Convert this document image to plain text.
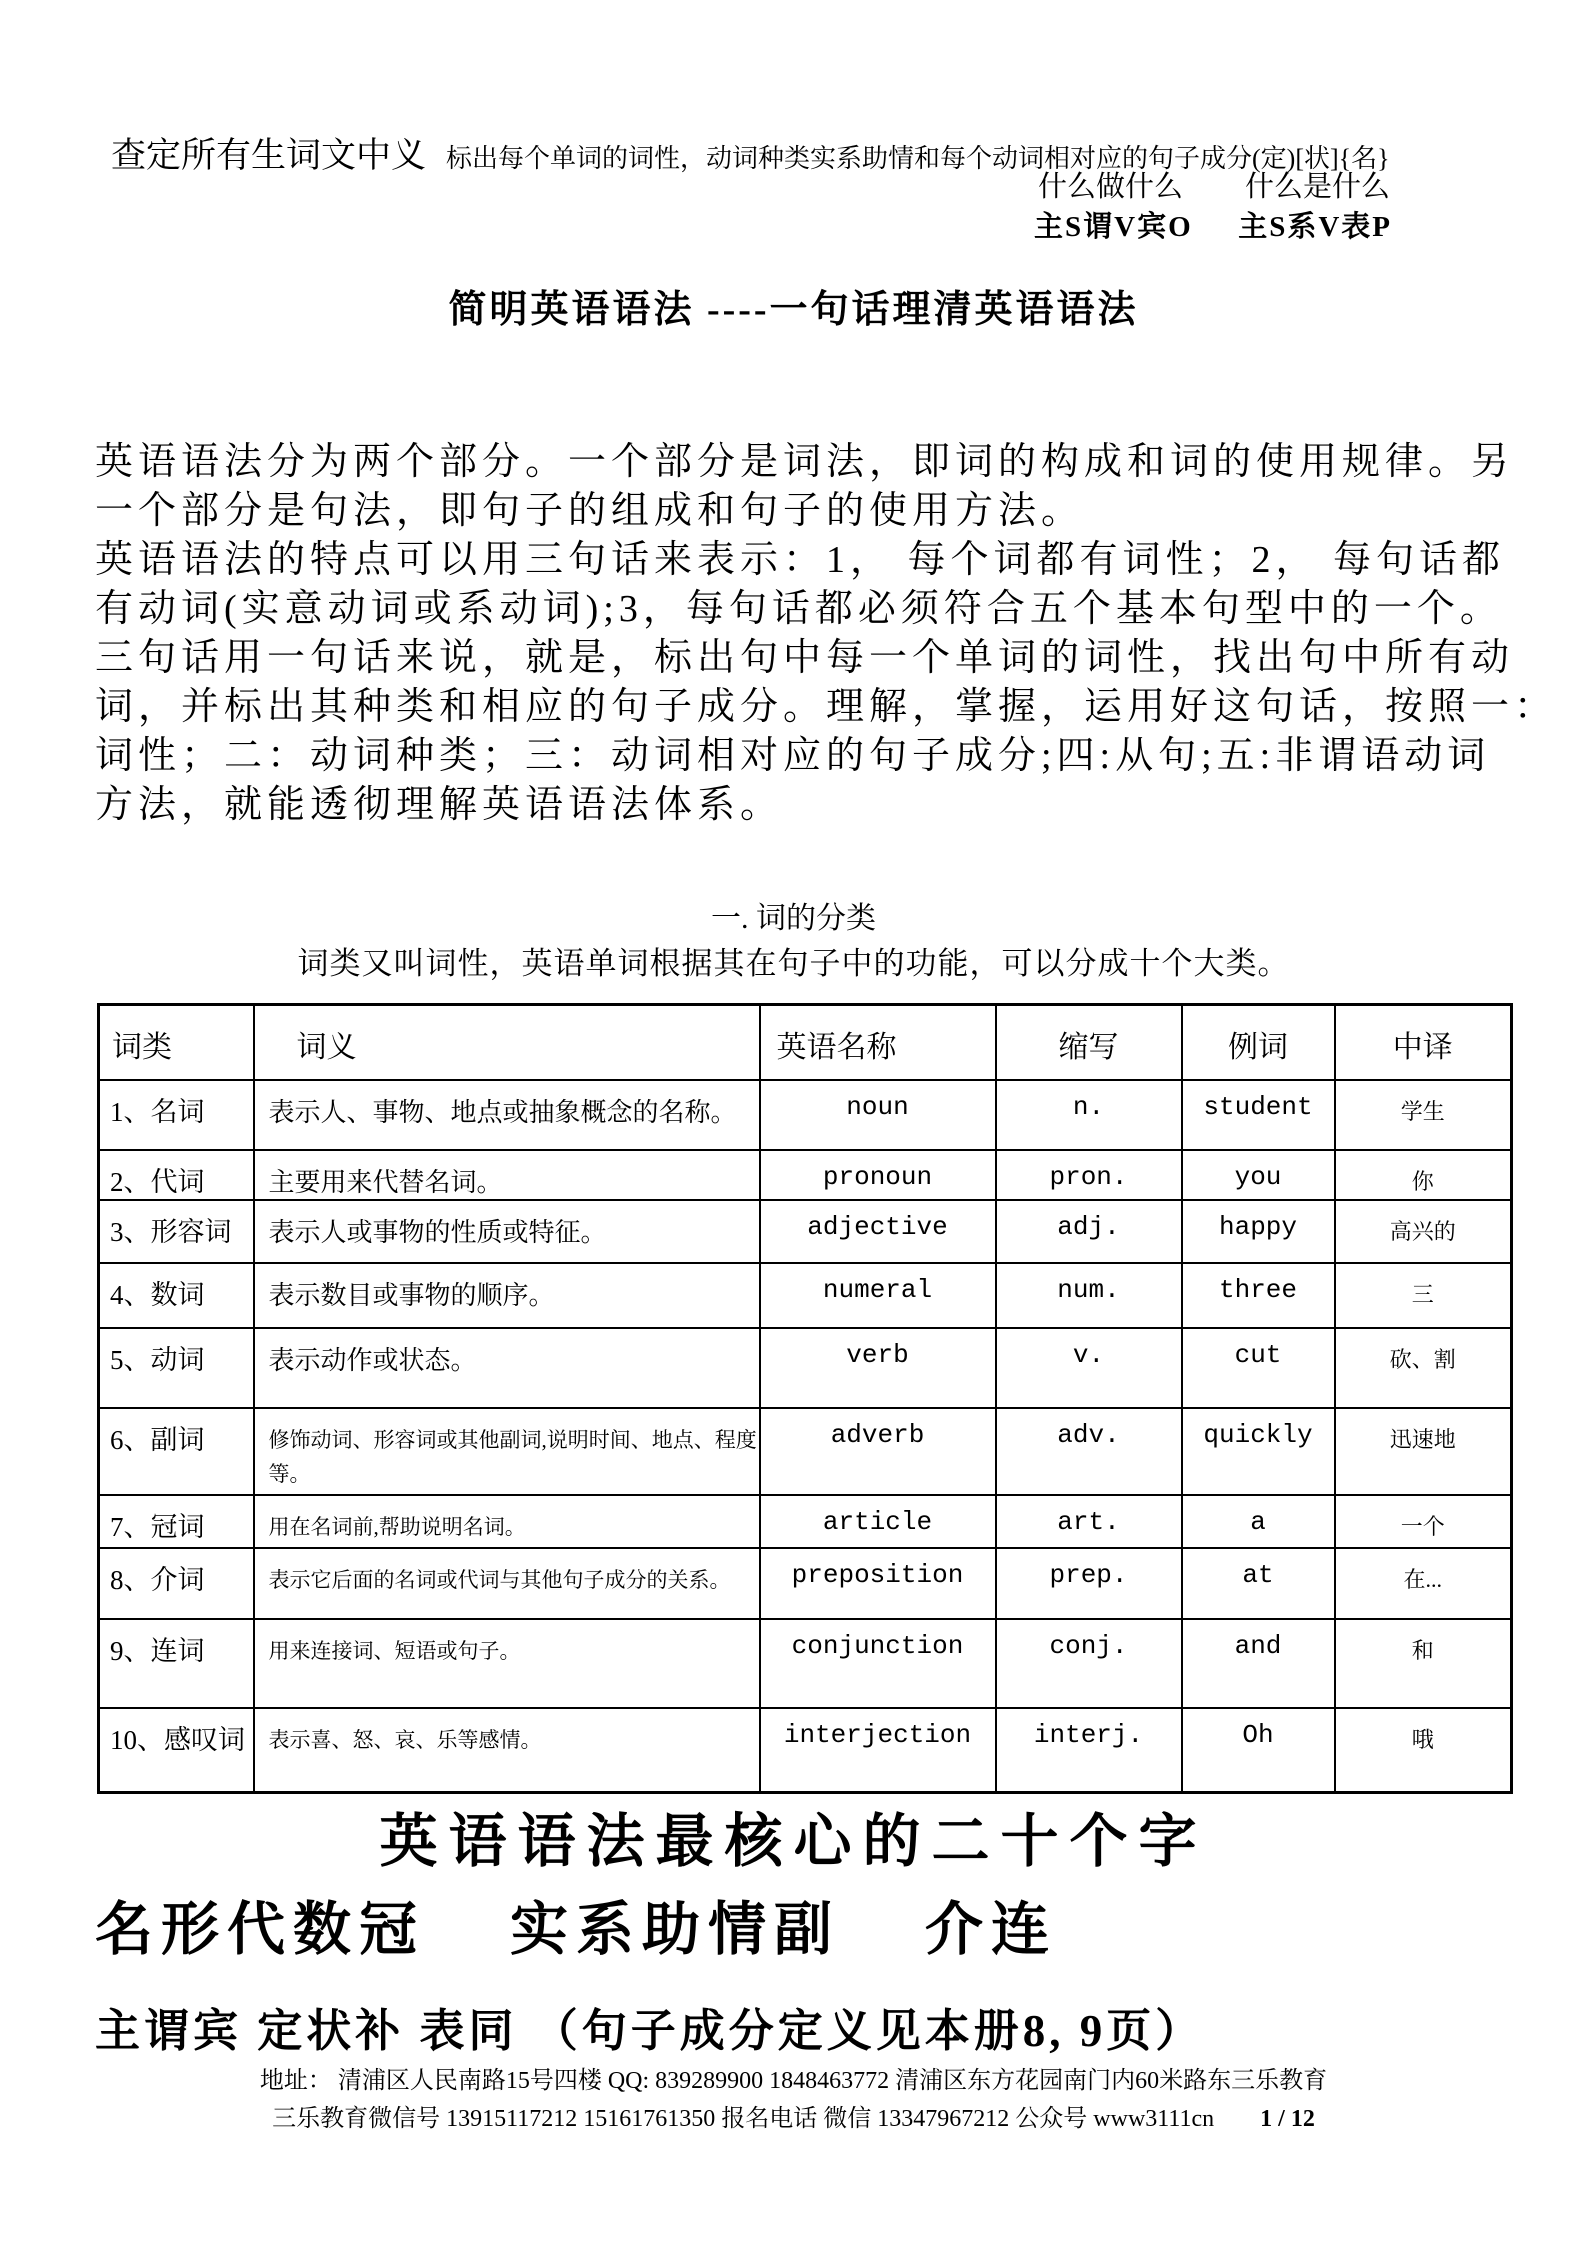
查定所有生词文中义 标出每个单词的词性，动词种类实系助情和每个动词相对应的句子成分(定)[状]{名}

什么做什么 什么是什么
主S谓V宾O 主S系V表P
简明英语语法 ----一句话理清英语语法
英语语法分为两个部分。一个部分是词法，即词的构成和词的使用规律。另
一个部分是句法，即句子的组成和句子的使用方法。
英语语法的特点可以用三句话来表示：1， 每个词都有词性；2， 每句话都
有动词(实意动词或系动词);3，每句话都必须符合五个基本句型中的一个。
三句话用一句话来说，就是，标出句中每一个单词的词性，找出句中所有动
词，并标出其种类和相应的句子成分。理解，掌握，运用好这句话，按照一：
词性；二：动词种类；三：动词相对应的句子成分;四:从句;五:非谓语动词
方法，就能透彻理解英语语法体系。
一. 词的分类
词类又叫词性，英语单词根据其在句子中的功能，可以分成十个大类。
词类	词义	英语名称	缩写	例词	中译
1、名词	表示人、事物、地点或抽象概念的名称。	noun	n.	student	学生
2、代词	主要用来代替名词。	pronoun	pron.	you	你
3、形容词	表示人或事物的性质或特征。	adjective	adj.	happy	高兴的
4、数词	表示数目或事物的顺序。	numeral	num.	three	三
5、动词	表示动作或状态。	verb	v.	cut	砍、割
6、副词	修饰动词、形容词或其他副词,说明时间、地点、程度等。	adverb	adv.	quickly	迅速地
7、冠词	用在名词前,帮助说明名词。	article	art.	a	一个
8、介词	表示它后面的名词或代词与其他句子成分的关系。	preposition	prep.	at	在...
9、连词	用来连接词、短语或句子。	conjunction	conj.	and	和
10、感叹词	表示喜、怒、哀、乐等感情。	interjection	interj.	Oh	哦
英语语法最核心的二十个字
名形代数冠 实系助情副 介连
主谓宾 定状补 表同 （句子成分定义见本册8, 9页）
地址： 清浦区人民南路15号四楼 QQ: 839289900 1848463772 清浦区东方花园南门内60米路东三乐教育
三乐教育微信号 13915117212 15161761350 报名电话 微信 13347967212 公众号 www3111cn 1 / 12
